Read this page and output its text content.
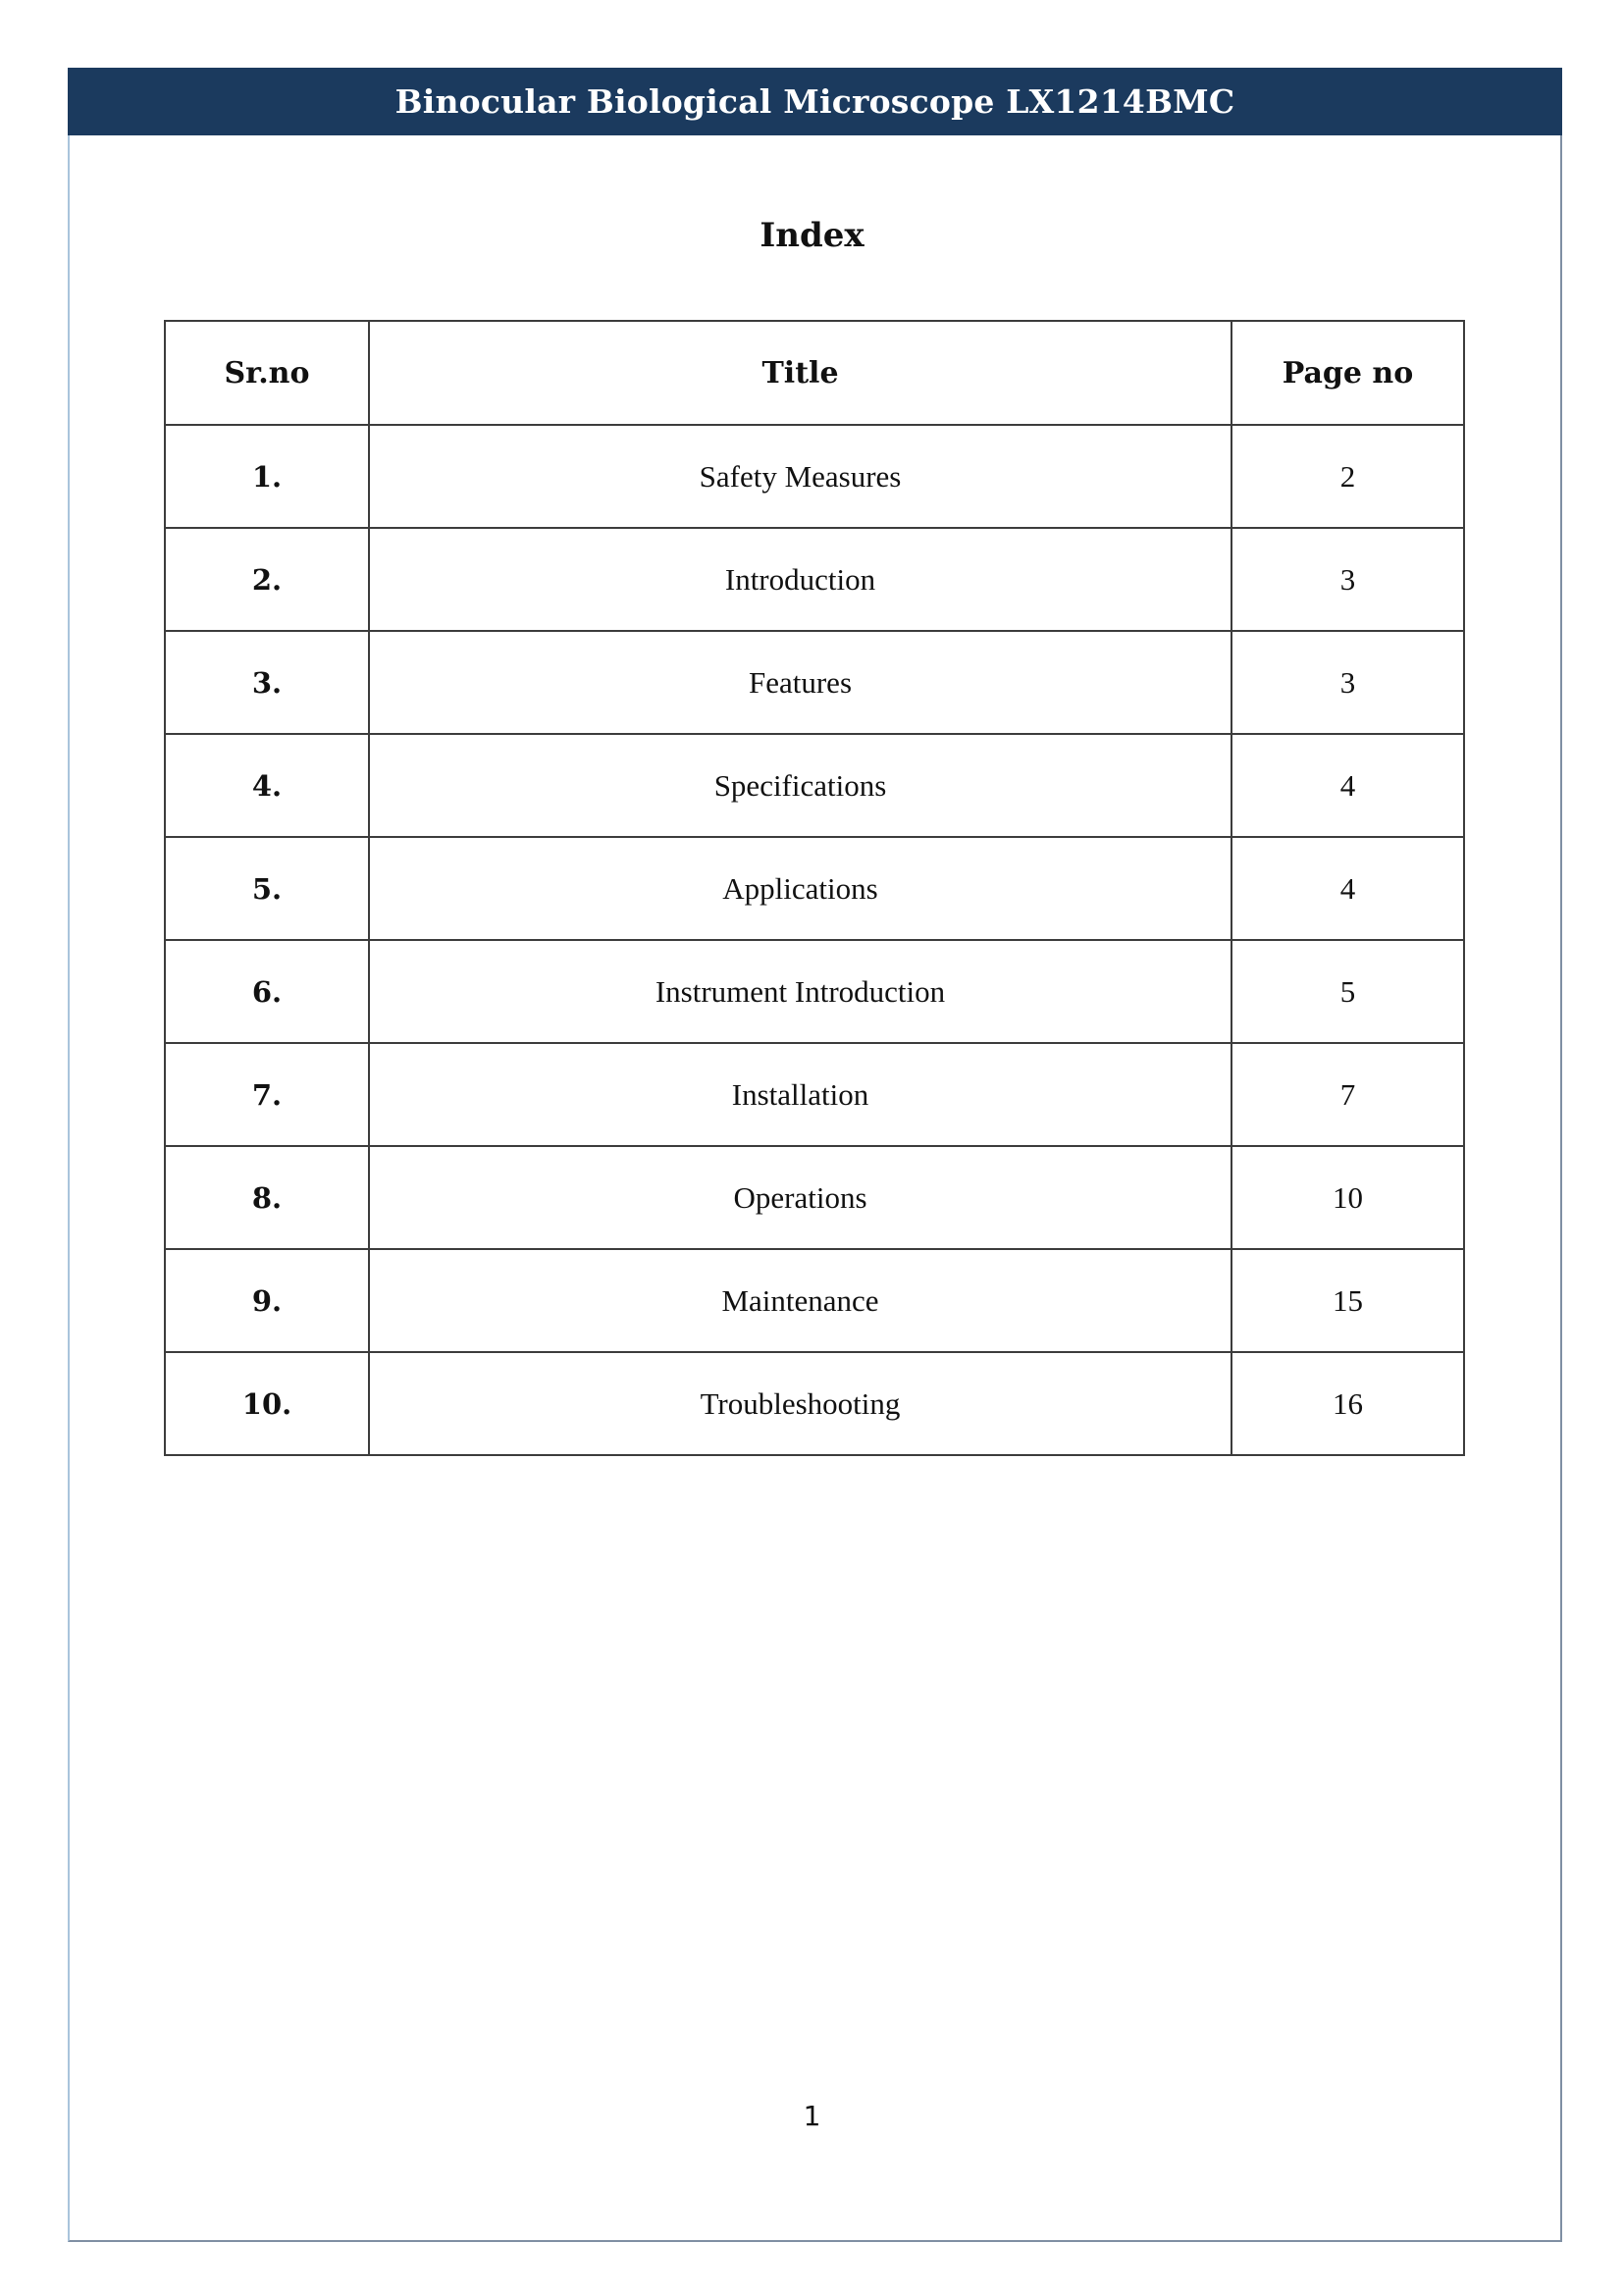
Binocular Biological Microscope LX1214BMC
Index
Sr.no	Title	Page no
1.	Safety Measures	2
2.	Introduction	3
3.	Features	3
4.	Specifications	4
5.	Applications	4
6.	Instrument Introduction	5
7.	Installation	7
8.	Operations	10
9.	Maintenance	15
10.	Troubleshooting	16
1
